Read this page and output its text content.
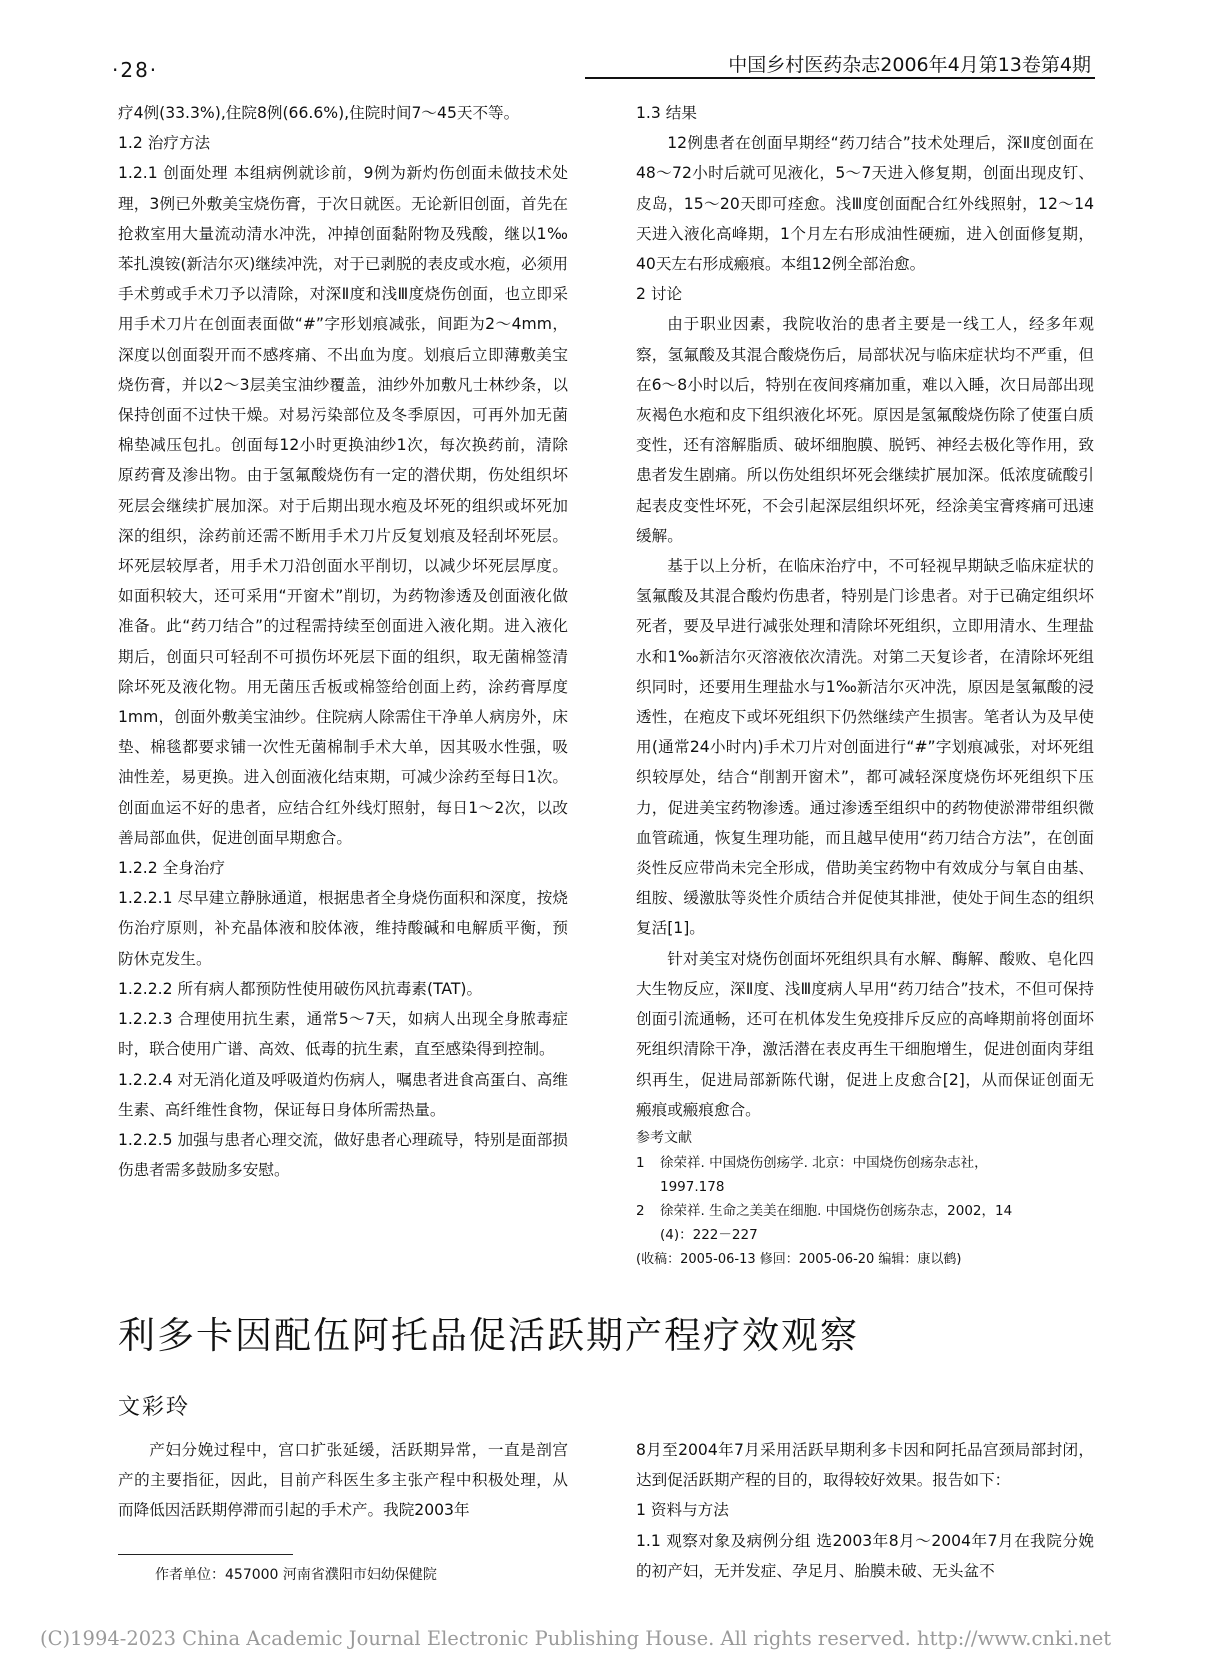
·28·	中国乡村医药杂志2006年4月第13卷第4期

疗4例(33.3%),住院8例(66.6%),住院时间7～45天不等。

1.2 治疗方法

1.2.1 创面处理 本组病例就诊前，9例为新灼伤创面未做技术处理，3例已外敷美宝烧伤膏，于次日就医。无论新旧创面，首先在抢救室用大量流动清水冲洗，冲掉创面黏附物及残酸，继以1‰苯扎溴铵(新洁尔灭)继续冲洗，对于已剥脱的表皮或水疱，必须用手术剪或手术刀予以清除，对深Ⅱ度和浅Ⅲ度烧伤创面，也立即采用手术刀片在创面表面做“#”字形划痕减张，间距为2～4mm，深度以创面裂开而不感疼痛、不出血为度。划痕后立即薄敷美宝烧伤膏，并以2～3层美宝油纱覆盖，油纱外加敷凡士林纱条，以保持创面不过快干燥。对易污染部位及冬季原因，可再外加无菌棉垫减压包扎。创面每12小时更换油纱1次，每次换药前，清除原药膏及渗出物。由于氢氟酸烧伤有一定的潜伏期，伤处组织坏死层会继续扩展加深。对于后期出现水疱及坏死的组织或坏死加深的组织，涂药前还需不断用手术刀片反复划痕及轻刮坏死层。坏死层较厚者，用手术刀沿创面水平削切，以减少坏死层厚度。如面积较大，还可采用“开窗术”削切，为药物渗透及创面液化做准备。此“药刀结合”的过程需持续至创面进入液化期。进入液化期后，创面只可轻刮不可损伤坏死层下面的组织，取无菌棉签清除坏死及液化物。用无菌压舌板或棉签给创面上药，涂药膏厚度1mm，创面外敷美宝油纱。住院病人除需住干净单人病房外，床垫、棉毯都要求铺一次性无菌棉制手术大单，因其吸水性强，吸油性差，易更换。进入创面液化结束期，可减少涂药至每日1次。创面血运不好的患者，应结合红外线灯照射，每日1～2次，以改善局部血供，促进创面早期愈合。

1.2.2 全身治疗

1.2.2.1 尽早建立静脉通道，根据患者全身烧伤面积和深度，按烧伤治疗原则，补充晶体液和胶体液，维持酸碱和电解质平衡，预防休克发生。

1.2.2.2 所有病人都预防性使用破伤风抗毒素(TAT)。

1.2.2.3 合理使用抗生素，通常5～7天，如病人出现全身脓毒症时，联合使用广谱、高效、低毒的抗生素，直至感染得到控制。

1.2.2.4 对无消化道及呼吸道灼伤病人，嘱患者进食高蛋白、高维生素、高纤维性食物，保证每日身体所需热量。

1.2.2.5 加强与患者心理交流，做好患者心理疏导，特别是面部损伤患者需多鼓励多安慰。

1.3 结果

12例患者在创面早期经“药刀结合”技术处理后，深Ⅱ度创面在48～72小时后就可见液化，5～7天进入修复期，创面出现皮钉、皮岛，15～20天即可痊愈。浅Ⅲ度创面配合红外线照射，12～14天进入液化高峰期，1个月左右形成油性硬痂，进入创面修复期，40天左右形成瘢痕。本组12例全部治愈。

2 讨论

由于职业因素，我院收治的患者主要是一线工人，经多年观察，氢氟酸及其混合酸烧伤后，局部状况与临床症状均不严重，但在6～8小时以后，特别在夜间疼痛加重，难以入睡，次日局部出现灰褐色水疱和皮下组织液化坏死。原因是氢氟酸烧伤除了使蛋白质变性，还有溶解脂质、破坏细胞膜、脱钙、神经去极化等作用，致患者发生剧痛。所以伤处组织坏死会继续扩展加深。低浓度硫酸引起表皮变性坏死，不会引起深层组织坏死，经涂美宝膏疼痛可迅速缓解。

基于以上分析，在临床治疗中，不可轻视早期缺乏临床症状的氢氟酸及其混合酸灼伤患者，特别是门诊患者。对于已确定组织坏死者，要及早进行减张处理和清除坏死组织，立即用清水、生理盐水和1‰新洁尔灭溶液依次清洗。对第二天复诊者，在清除坏死组织同时，还要用生理盐水与1‰新洁尔灭冲洗，原因是氢氟酸的浸透性，在疱皮下或坏死组织下仍然继续产生损害。笔者认为及早使用(通常24小时内)手术刀片对创面进行“#”字划痕减张，对坏死组织较厚处，结合“削割开窗术”，都可减轻深度烧伤坏死组织下压力，促进美宝药物渗透。通过渗透至组织中的药物使淤滞带组织微血管疏通，恢复生理功能，而且越早使用“药刀结合方法”，在创面炎性反应带尚未完全形成，借助美宝药物中有效成分与氧自由基、组胺、缓激肽等炎性介质结合并促使其排泄，使处于间生态的组织复活[1]。

针对美宝对烧伤创面坏死组织具有水解、酶解、酸败、皂化四大生物反应，深Ⅱ度、浅Ⅲ度病人早用“药刀结合”技术，不但可保持创面引流通畅，还可在机体发生免疫排斥反应的高峰期前将创面坏死组织清除干净，激活潜在表皮再生干细胞增生，促进创面肉芽组织再生，促进局部新陈代谢，促进上皮愈合[2]，从而保证创面无瘢痕或瘢痕愈合。

参考文献

1 徐荣祥. 中国烧伤创疡学. 北京：中国烧伤创疡杂志社，

1997.178

2 徐荣祥. 生命之美美在细胞. 中国烧伤创疡杂志，2002，14

(4)：222－227

(收稿：2005-06-13 修回：2005-06-20 编辑：康以鹤)

利多卡因配伍阿托品促活跃期产程疗效观察
文彩玲

产妇分娩过程中，宫口扩张延缓，活跃期异常，一直是剖宫产的主要指征，因此，目前产科医生多主张产程中积极处理，从而降低因活跃期停滞而引起的手术产。我院2003年

8月至2004年7月采用活跃早期利多卡因和阿托品宫颈局部封闭，达到促活跃期产程的目的，取得较好效果。报告如下：

1 资料与方法

1.1 观察对象及病例分组 选2003年8月～2004年7月在我院分娩的初产妇，无并发症、孕足月、胎膜未破、无头盆不

作者单位：457000 河南省濮阳市妇幼保健院
(C)1994-2023 China Academic Journal Electronic Publishing House. All rights reserved. http://www.cnki.net
